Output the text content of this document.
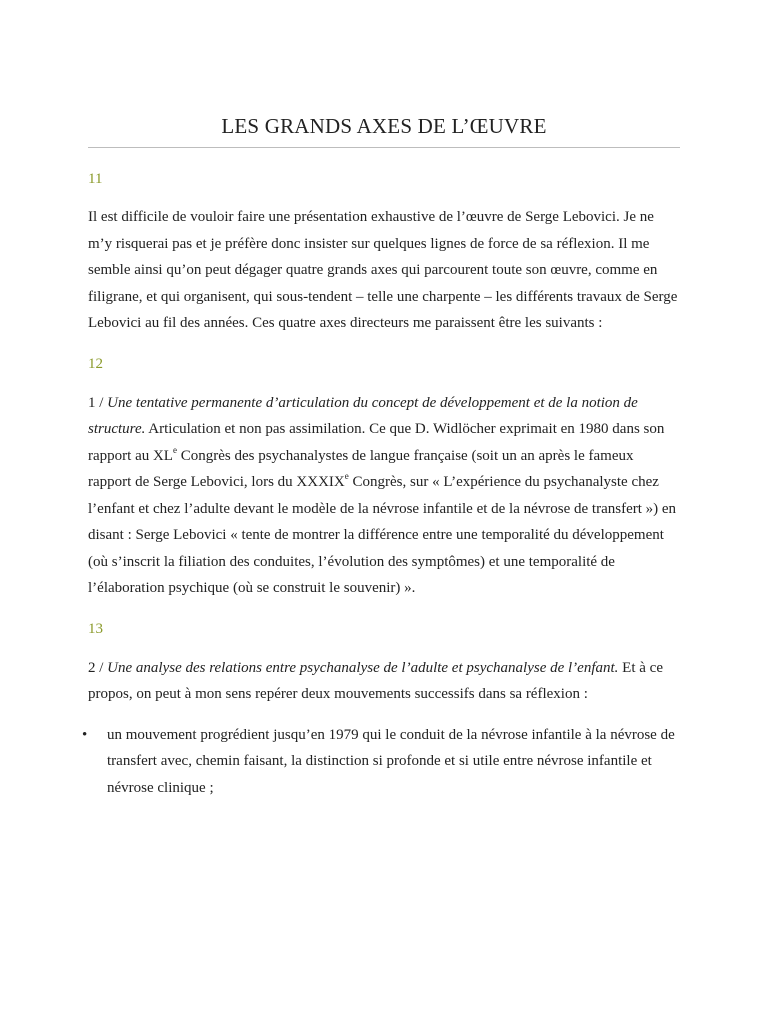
LES GRANDS AXES DE L’ŒUVRE

11

Il est difficile de vouloir faire une présentation exhaustive de l’œuvre de Serge Lebovici. Je ne m’y risquerai pas et je préfère donc insister sur quelques lignes de force de sa réflexion. Il me semble ainsi qu’on peut dégager quatre grands axes qui parcourent toute son œuvre, comme en filigrane, et qui organisent, qui sous-tendent – telle une charpente – les différents travaux de Serge Lebovici au fil des années. Ces quatre axes directeurs me paraissent être les suivants :

12

1 / Une tentative permanente d’articulation du concept de développement et de la notion de structure. Articulation et non pas assimilation. Ce que D. Widlöcher exprimait en 1980 dans son rapport au XLe Congrès des psychanalystes de langue française (soit un an après le fameux rapport de Serge Lebovici, lors du XXXIXe Congrès, sur « L’expérience du psychanalyste chez l’enfant et chez l’adulte devant le modèle de la névrose infantile et de la névrose de transfert ») en disant : Serge Lebovici « tente de montrer la différence entre une temporalité du développement (où s’inscrit la filiation des conduites, l’évolution des symptômes) et une temporalité de l’élaboration psychique (où se construit le souvenir) ».

13

2 / Une analyse des relations entre psychanalyse de l’adulte et psychanalyse de l’enfant. Et à ce propos, on peut à mon sens repérer deux mouvements successifs dans sa réflexion :

• un mouvement progrédient jusqu’en 1979 qui le conduit de la névrose infantile à la névrose de transfert avec, chemin faisant, la distinction si profonde et si utile entre névrose infantile et névrose clinique ;
